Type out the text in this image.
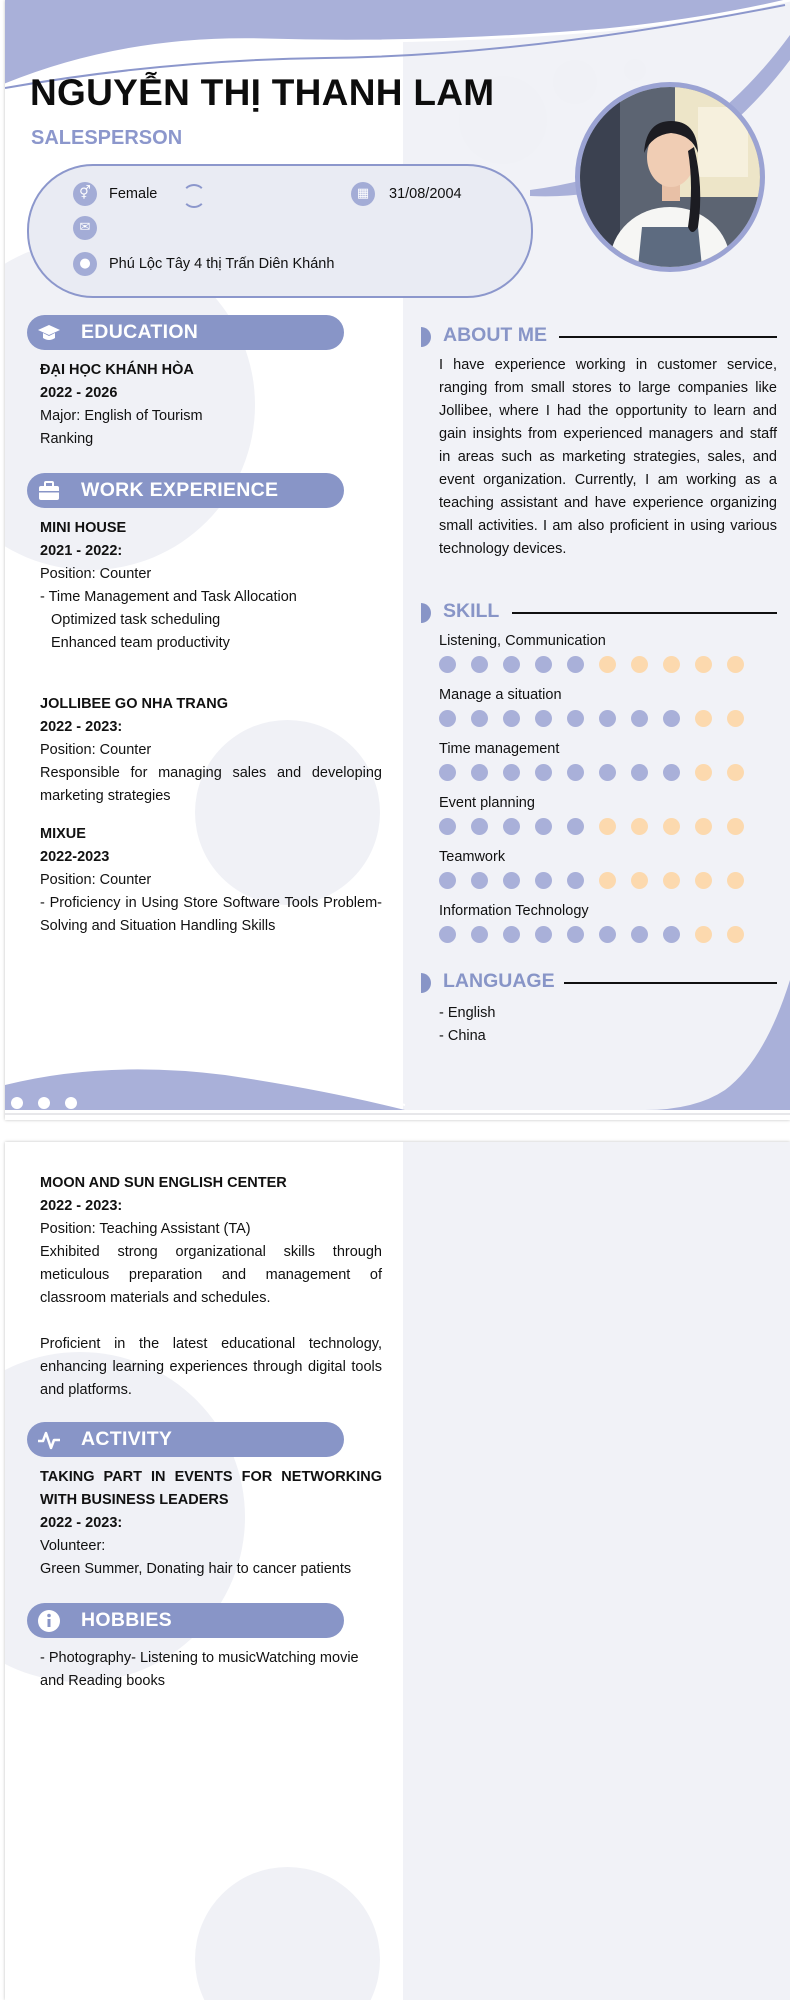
NGUYỄN THỊ THANH LAM

SALESPERSON

⚥	Female	▦	31/08/2004
✉
●	Phú Lộc Tây 4 thị Trấn Diên Khánh
EDUCATION
ĐẠI HỌC KHÁNH HÒA
2022 - 2026
Major: English of Tourism
Ranking
WORK EXPERIENCE
MINI HOUSE
2021 - 2022:
Position: Counter
- Time Management and Task Allocation
Optimized task scheduling
Enhanced team productivity
JOLLIBEE GO NHA TRANG
2022 - 2023:
Position: Counter
Responsible for managing sales and developing marketing strategies
MIXUE
2022-2023
Position: Counter
- Proficiency in Using Store Software Tools Problem-Solving and Situation Handling Skills
ABOUT ME
I have experience working in customer service, ranging from small stores to large companies like Jollibee, where I had the opportunity to learn and gain insights from experienced managers and staff in areas such as marketing strategies, sales, and event organization. Currently, I am working as a teaching assistant and have experience organizing small activities. I am also proficient in using various technology devices.
SKILL
Listening, Communication
Manage a situation
Time management
Event planning
Teamwork
Information Technology
LANGUAGE
- English
- China
MOON AND SUN ENGLISH CENTER
2022 - 2023:
Position: Teaching Assistant (TA)
Exhibited strong organizational skills through meticulous preparation and management of classroom materials and schedules.
Proficient in the latest educational technology, enhancing learning experiences through digital tools and platforms.
ACTIVITY
TAKING PART IN EVENTS FOR NETWORKING WITH BUSINESS LEADERS
2022 - 2023:
Volunteer:
Green Summer, Donating hair to cancer patients
HOBBIES
- Photography- Listening to musicWatching movie and Reading books
